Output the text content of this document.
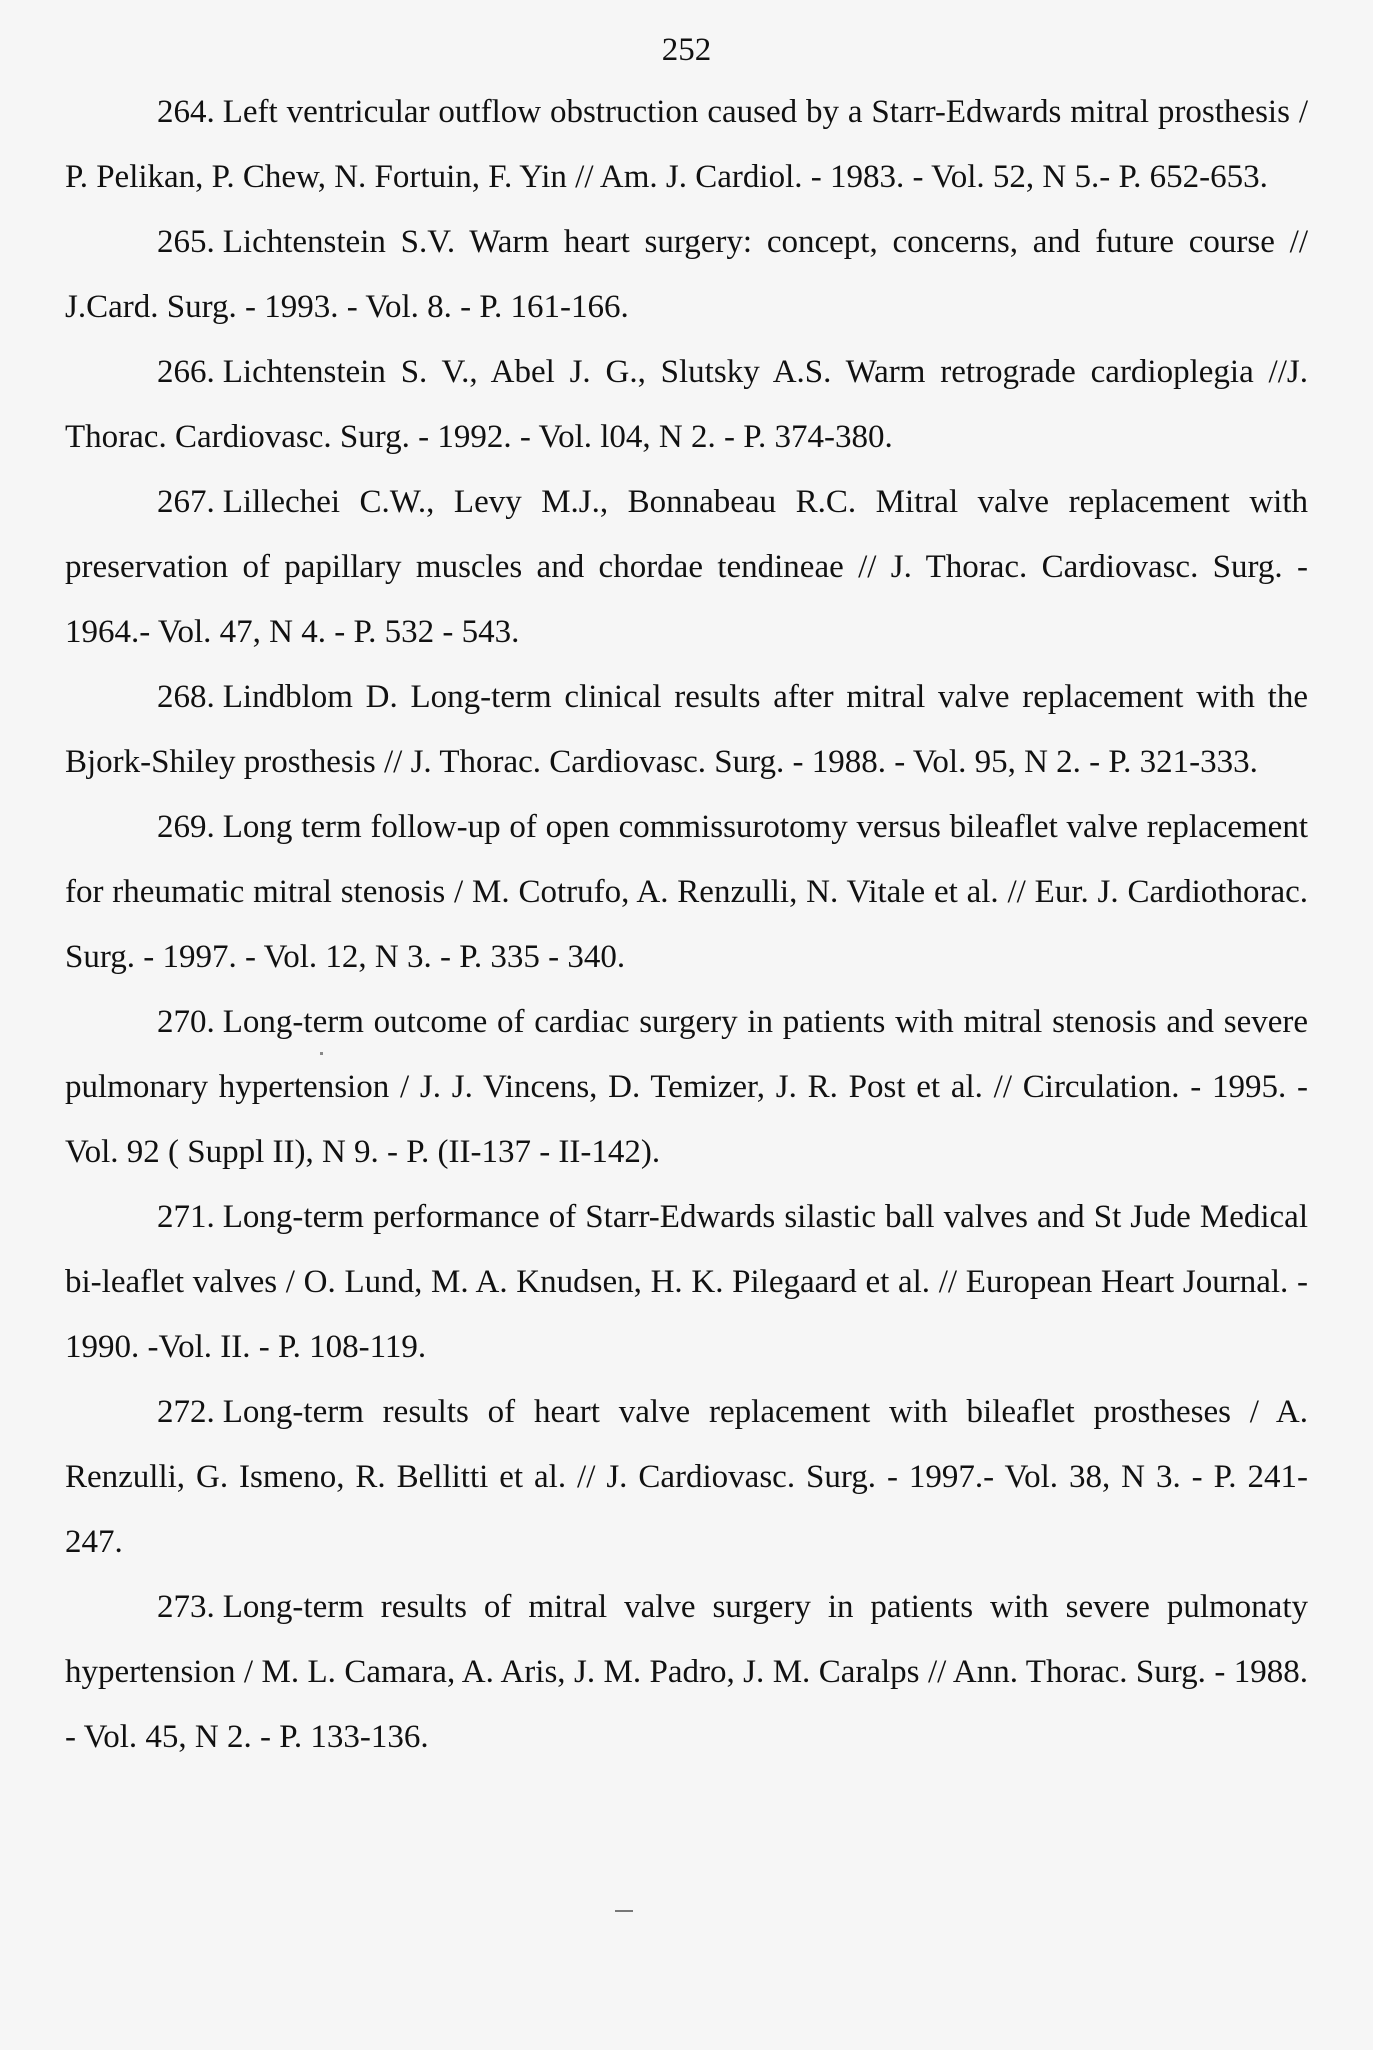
252
264. Left ventricular outflow obstruction caused by a Starr-Edwards mitral prosthesis / P. Pelikan, P. Chew, N. Fortuin, F. Yin // Am. J. Cardiol. - 1983. - Vol. 52, N 5.- P. 652-653.
265. Lichtenstein S.V. Warm heart surgery: concept, concerns, and future course // J.Card. Surg. - 1993. - Vol. 8. - P. 161-166.
266. Lichtenstein S. V., Abel J. G., Slutsky A.S. Warm retrograde cardioplegia //J. Thorac. Cardiovasc. Surg. - 1992. - Vol. l04, N 2. - P. 374-380.
267. Lillechei C.W., Levy M.J., Bonnabeau R.C. Mitral valve replacement with preservation of papillary muscles and chordae tendineae // J. Thorac. Cardiovasc. Surg. - 1964.- Vol. 47, N 4. - P. 532 - 543.
268. Lindblom D. Long-term clinical results after mitral valve replacement with the Bjork-Shiley prosthesis // J. Thorac. Cardiovasc. Surg. - 1988. - Vol. 95, N 2. - P. 321-333.
269. Long term follow-up of open commissurotomy versus bileaflet valve replacement for rheumatic mitral stenosis / M. Cotrufo, A. Renzulli, N. Vitale et al. // Eur. J. Cardiothorac. Surg. - 1997. - Vol. 12, N 3. - P. 335 - 340.
270. Long-term outcome of cardiac surgery in patients with mitral stenosis and severe pulmonary hypertension / J. J. Vincens, D. Temizer, J. R. Post et al. // Circulation. - 1995. - Vol. 92 ( Suppl II), N 9. - P. (II-137 - II-142).
271. Long-term performance of Starr-Edwards silastic ball valves and St Jude Medical bi-leaflet valves / O. Lund, M. A. Knudsen, H. K. Pilegaard et al. // European Heart Journal. - 1990. -Vol. II. - P. 108-119.
272. Long-term results of heart valve replacement with bileaflet prostheses / A. Renzulli, G. Ismeno, R. Bellitti et al. // J. Cardiovasc. Surg. - 1997.- Vol. 38, N 3. - P. 241-247.
273. Long-term results of mitral valve surgery in patients with severe pulmonaty hypertension / M. L. Camara, A. Aris, J. M. Padro, J. M. Caralps // Ann. Thorac. Surg. - 1988. - Vol. 45, N 2. - P. 133-136.
